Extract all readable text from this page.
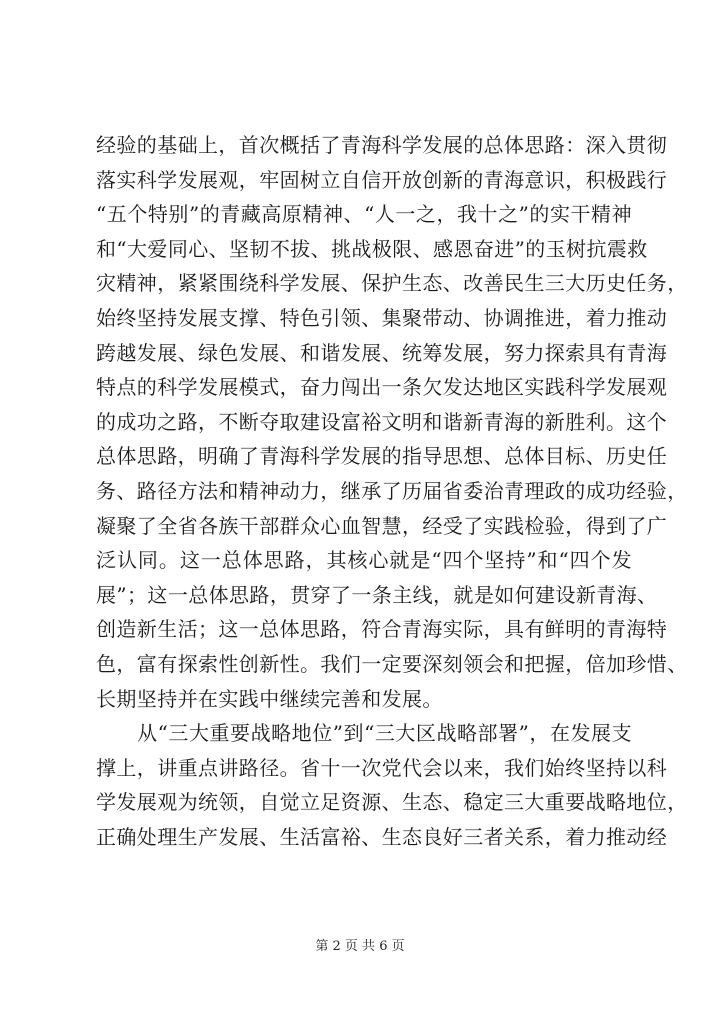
经验的基础上，首次概括了青海科学发展的总体思路：深入贯彻
落实科学发展观，牢固树立自信开放创新的青海意识，积极践行
“五个特别”的青藏高原精神、“人一之，我十之”的实干精神
和“大爱同心、坚韧不拔、挑战极限、感恩奋进”的玉树抗震救
灾精神，紧紧围绕科学发展、保护生态、改善民生三大历史任务，
始终坚持发展支撑、特色引领、集聚带动、协调推进，着力推动
跨越发展、绿色发展、和谐发展、统筹发展，努力探索具有青海
特点的科学发展模式，奋力闯出一条欠发达地区实践科学发展观
的成功之路，不断夺取建设富裕文明和谐新青海的新胜利。这个
总体思路，明确了青海科学发展的指导思想、总体目标、历史任
务、路径方法和精神动力，继承了历届省委治青理政的成功经验，
凝聚了全省各族干部群众心血智慧，经受了实践检验，得到了广
泛认同。这一总体思路，其核心就是“四个坚持”和“四个发
展”；这一总体思路，贯穿了一条主线，就是如何建设新青海、
创造新生活；这一总体思路，符合青海实际，具有鲜明的青海特
色，富有探索性创新性。我们一定要深刻领会和把握，倍加珍惜、
长期坚持并在实践中继续完善和发展。
　　从“三大重要战略地位”到“三大区战略部署”，在发展支
撑上，讲重点讲路径。省十一次党代会以来，我们始终坚持以科
学发展观为统领，自觉立足资源、生态、稳定三大重要战略地位，
正确处理生产发展、生活富裕、生态良好三者关系，着力推动经
第 2 页 共 6 页
